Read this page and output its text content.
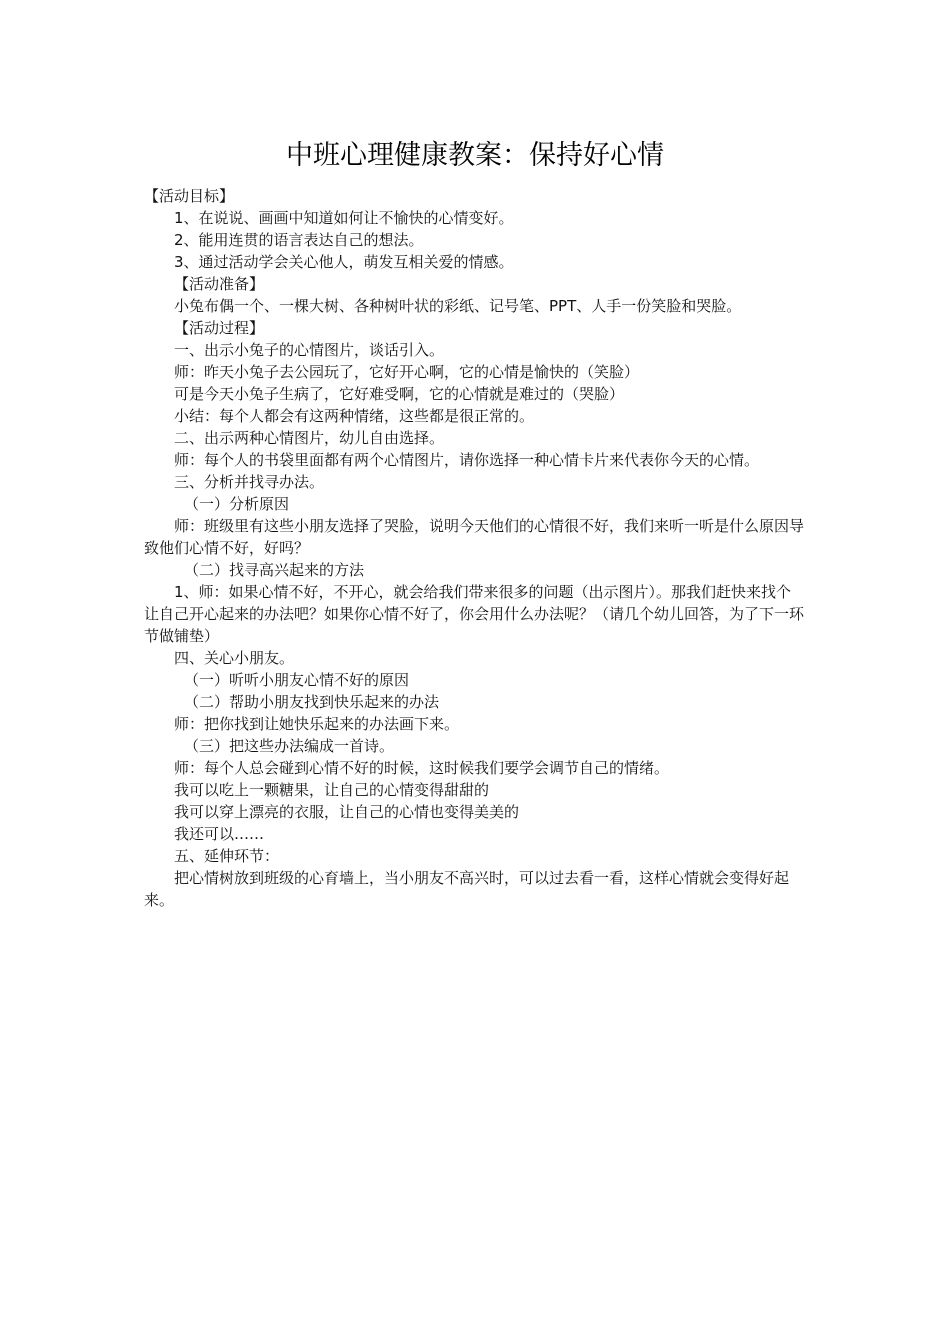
中班心理健康教案：保持好心情

【活动目标】

1、在说说、画画中知道如何让不愉快的心情变好。

2、能用连贯的语言表达自己的想法。

3、通过活动学会关心他人，萌发互相关爱的情感。

【活动准备】

小兔布偶一个、一棵大树、各种树叶状的彩纸、记号笔、PPT、人手一份笑脸和哭脸。

【活动过程】

一、出示小兔子的心情图片，谈话引入。

师：昨天小兔子去公园玩了，它好开心啊，它的心情是愉快的（笑脸）

可是今天小兔子生病了，它好难受啊，它的心情就是难过的（哭脸）

小结：每个人都会有这两种情绪，这些都是很正常的。

二、出示两种心情图片，幼儿自由选择。

师：每个人的书袋里面都有两个心情图片，请你选择一种心情卡片来代表你今天的心情。

三、分析并找寻办法。

（一）分析原因

师：班级里有这些小朋友选择了哭脸，说明今天他们的心情很不好，我们来听一听是什么原因导致他们心情不好，好吗？

（二）找寻高兴起来的方法

1、师：如果心情不好，不开心，就会给我们带来很多的问题（出示图片）。那我们赶快来找个让自己开心起来的办法吧？如果你心情不好了，你会用什么办法呢？（请几个幼儿回答，为了下一环节做铺垫）

四、关心小朋友。

（一）听听小朋友心情不好的原因

（二）帮助小朋友找到快乐起来的办法

师：把你找到让她快乐起来的办法画下来。

（三）把这些办法编成一首诗。

师：每个人总会碰到心情不好的时候，这时候我们要学会调节自己的情绪。

我可以吃上一颗糖果，让自己的心情变得甜甜的

我可以穿上漂亮的衣服，让自己的心情也变得美美的

我还可以……

五、延伸环节：

把心情树放到班级的心育墙上，当小朋友不高兴时，可以过去看一看，这样心情就会变得好起来。
